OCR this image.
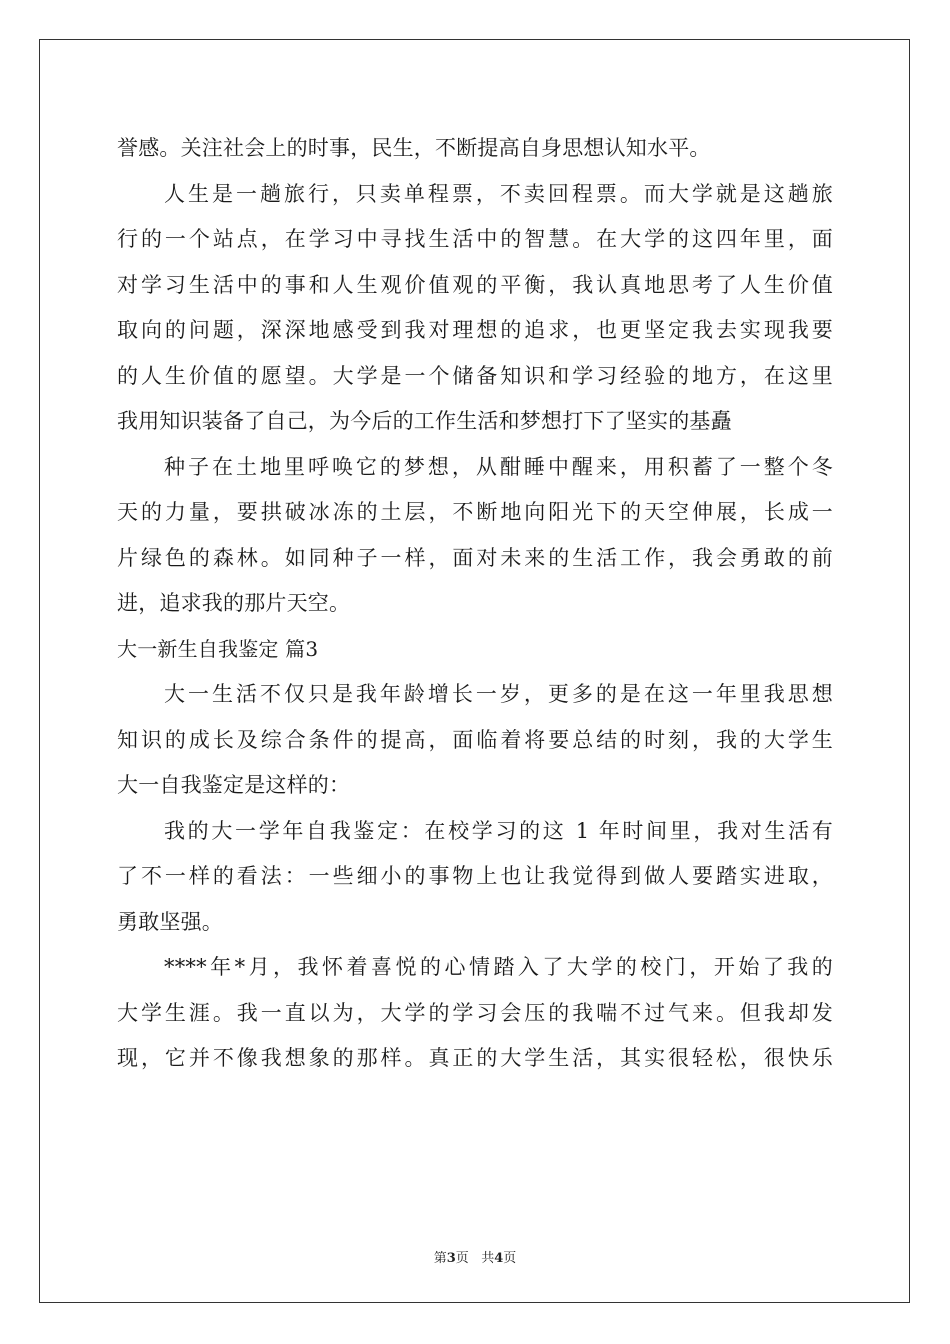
誉感。关注社会上的时事，民生，不断提高自身思想认知水平。
人生是一趟旅行，只卖单程票，不卖回程票。而大学就是这趟旅
行的一个站点，在学习中寻找生活中的智慧。在大学的这四年里，面
对学习生活中的事和人生观价值观的平衡，我认真地思考了人生价值
取向的问题，深深地感受到我对理想的追求，也更坚定我去实现我要
的人生价值的愿望。大学是一个储备知识和学习经验的地方，在这里
我用知识装备了自己，为今后的工作生活和梦想打下了坚实的基矗
种子在土地里呼唤它的梦想，从酣睡中醒来，用积蓄了一整个冬
天的力量，要拱破冰冻的土层，不断地向阳光下的天空伸展，长成一
片绿色的森林。如同种子一样，面对未来的生活工作，我会勇敢的前
进，追求我的那片天空。
大一新生自我鉴定 篇3
大一生活不仅只是我年龄增长一岁，更多的是在这一年里我思想
知识的成长及综合条件的提高，面临着将要总结的时刻，我的大学生
大一自我鉴定是这样的：
我的大一学年自我鉴定：在校学习的这 1 年时间里，我对生活有
了不一样的看法：一些细小的事物上也让我觉得到做人要踏实进取，
勇敢坚强。
****年*月，我怀着喜悦的心情踏入了大学的校门，开始了我的
大学生涯。我一直以为，大学的学习会压的我喘不过气来。但我却发
现，它并不像我想象的那样。真正的大学生活，其实很轻松，很快乐
第3页   共4页
